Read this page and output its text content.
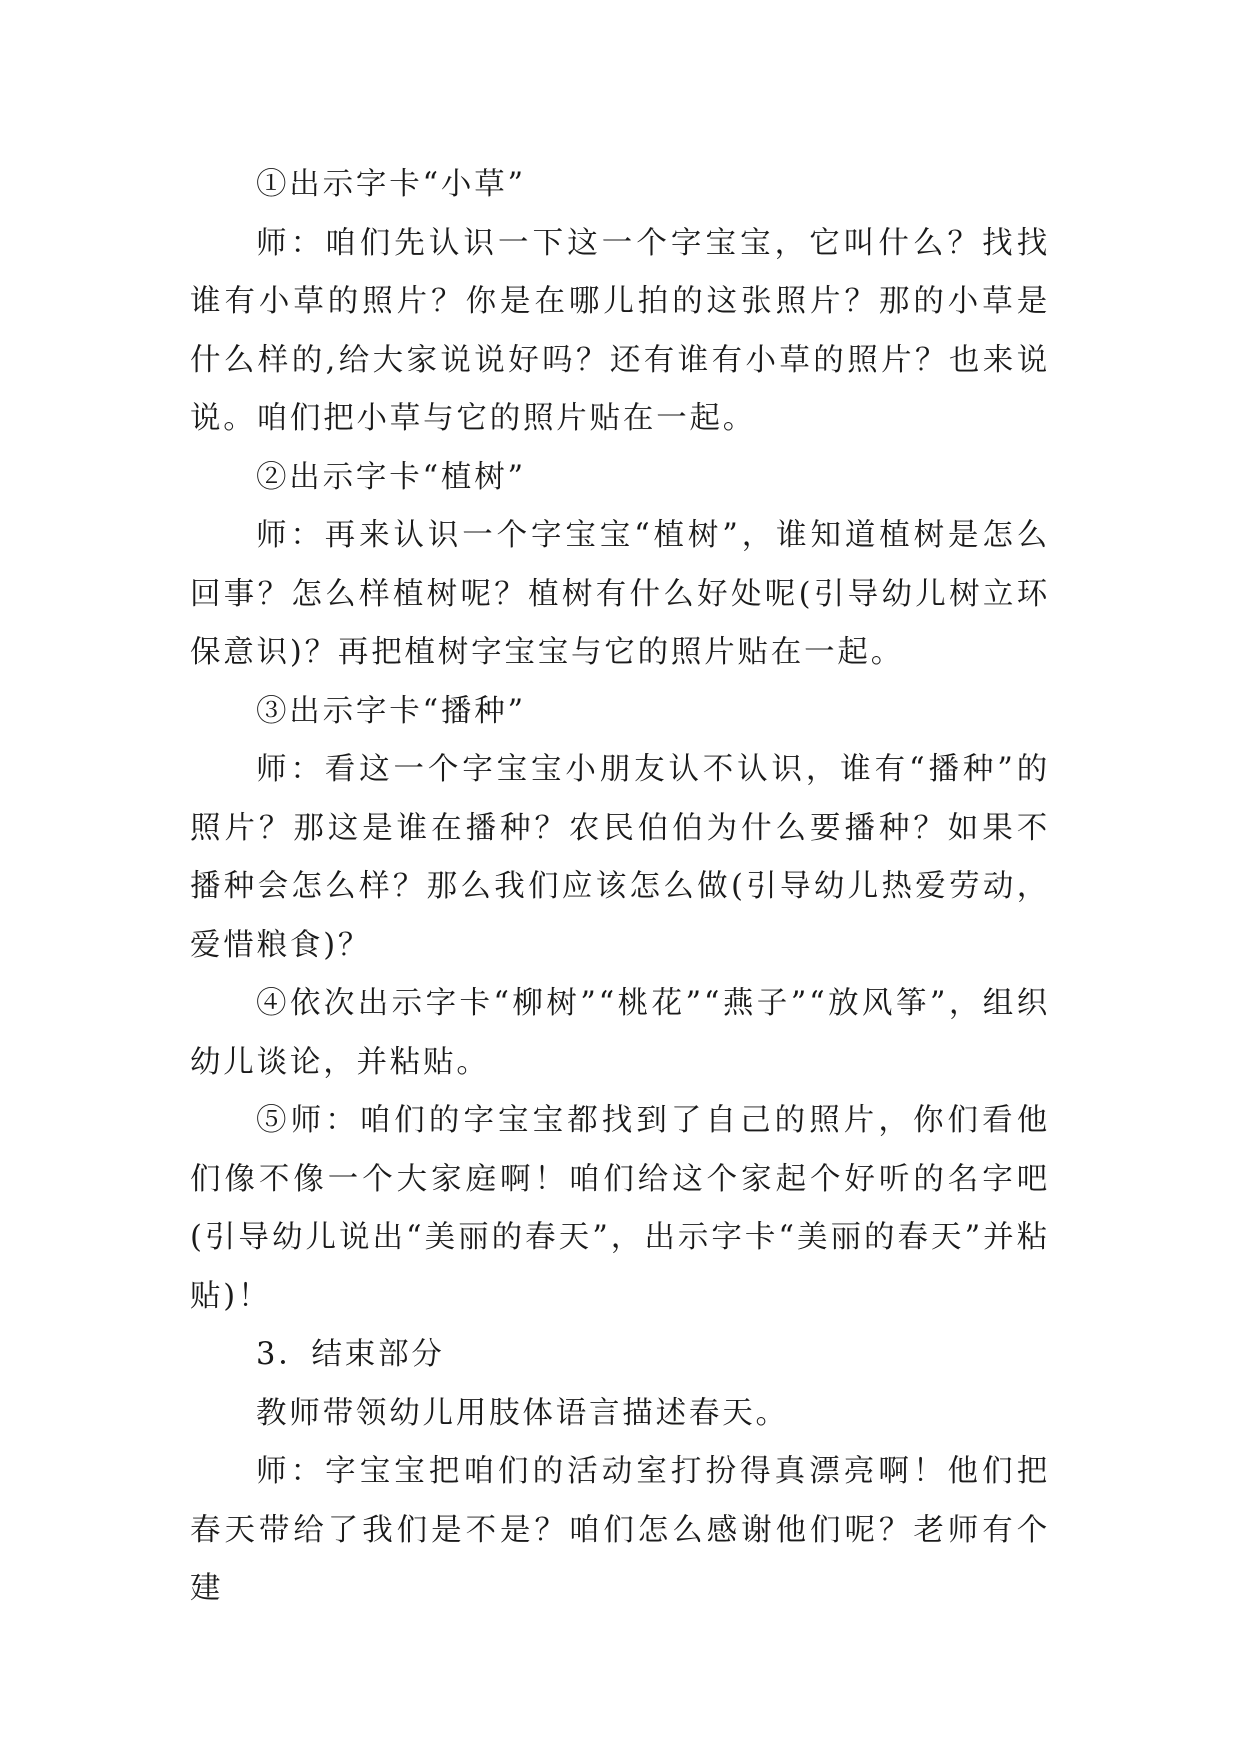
①出示字卡“小草”

师：咱们先认识一下这一个字宝宝，它叫什么？找找谁有小草的照片？你是在哪儿拍的这张照片？那的小草是什么样的,给大家说说好吗？还有谁有小草的照片？也来说说。咱们把小草与它的照片贴在一起。

②出示字卡“植树”

师：再来认识一个字宝宝“植树”，谁知道植树是怎么回事？怎么样植树呢？植树有什么好处呢(引导幼儿树立环保意识)？再把植树字宝宝与它的照片贴在一起。

③出示字卡“播种”

师：看这一个字宝宝小朋友认不认识，谁有“播种”的照片？那这是谁在播种？农民伯伯为什么要播种？如果不播种会怎么样？那么我们应该怎么做(引导幼儿热爱劳动，爱惜粮食)？

④依次出示字卡“柳树”“桃花”“燕子”“放风筝”，组织幼儿谈论，并粘贴。

⑤师：咱们的字宝宝都找到了自己的照片，你们看他们像不像一个大家庭啊！咱们给这个家起个好听的名字吧(引导幼儿说出“美丽的春天”，出示字卡“美丽的春天”并粘贴)！

3．结束部分

教师带领幼儿用肢体语言描述春天。

师：字宝宝把咱们的活动室打扮得真漂亮啊！他们把春天带给了我们是不是？咱们怎么感谢他们呢？老师有个建
